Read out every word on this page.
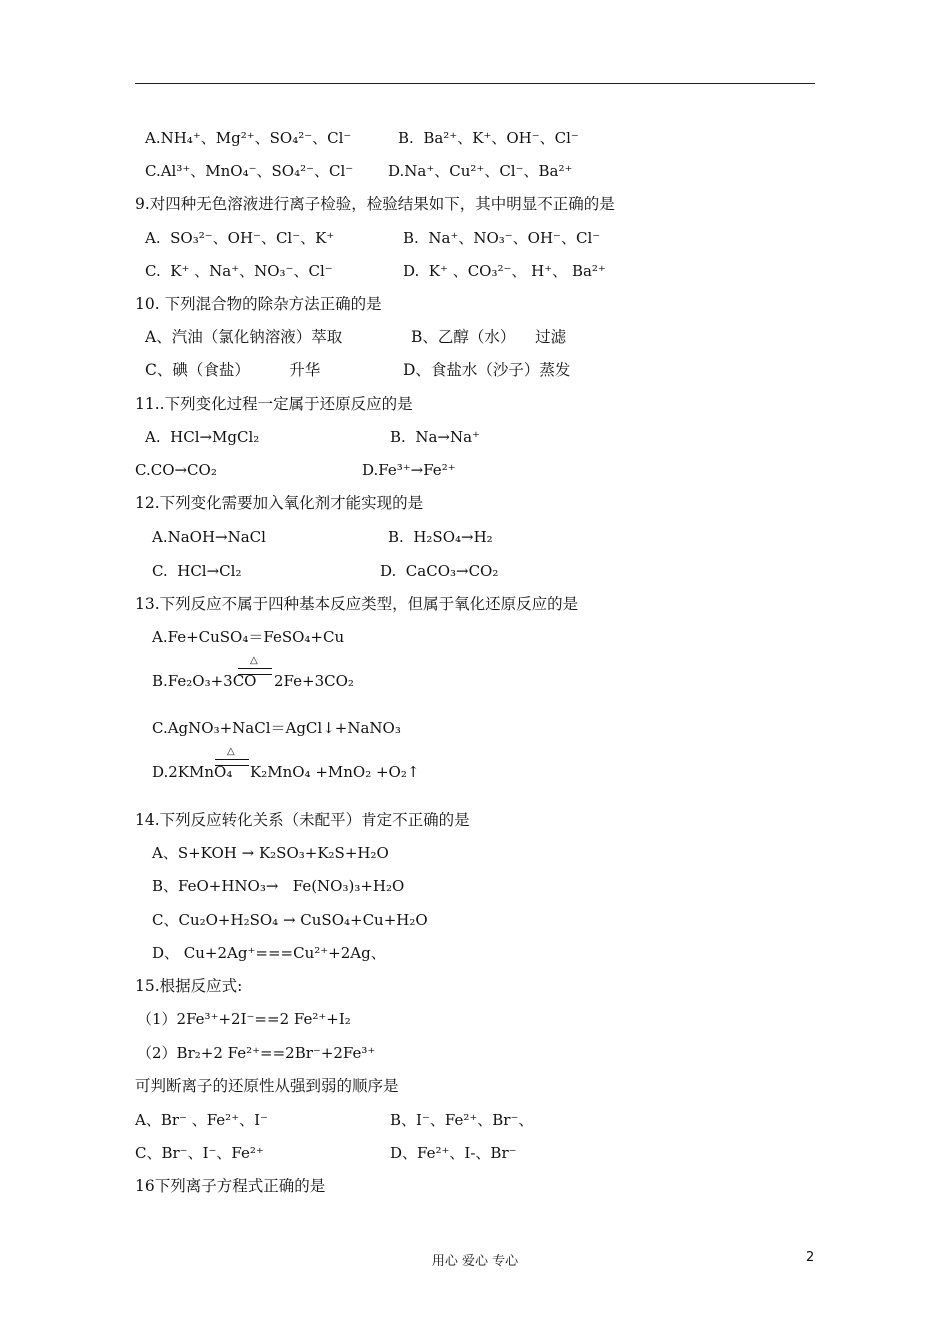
A.NH₄⁺、Mg²⁺、SO₄²⁻、Cl⁻	B.  Ba²⁺、K⁺、OH⁻、Cl⁻
C.Al³⁺、MnO₄⁻、SO₄²⁻、Cl⁻ D.Na⁺、Cu²⁺、Cl⁻、Ba²⁺
9.对四种无色溶液进行离子检验，检验结果如下，其中明显不正确的是
A.  SO₃²⁻、OH⁻、Cl⁻、K⁺	B.  Na⁺、NO₃⁻、OH⁻、Cl⁻
C.  K⁺ 、Na⁺、NO₃⁻、Cl⁻	D.  K⁺ 、CO₃²⁻、 H⁺、 Ba²⁺
10. 下列混合物的除杂方法正确的是
A、汽油（氯化钠溶液）萃取	B、乙醇（水）    过滤
C、碘（食盐）        升华	D、食盐水（沙子）蒸发
11..下列变化过程一定属于还原反应的是
A.  HCl→MgCl₂	B.  Na→Na⁺
C.CO→CO₂	D.Fe³⁺→Fe²⁺
12.下列变化需要加入氧化剂才能实现的是
A.NaOH→NaCl	B.  H₂SO₄→H₂
C.  HCl→Cl₂	D.  CaCO₃→CO₂
13.下列反应不属于四种基本反应类型，但属于氧化还原反应的是
A.Fe+CuSO₄＝FeSO₄+Cu
B.Fe₂O₃+3CO
△
2Fe+3CO₂
C.AgNO₃+NaCl＝AgCl↓+NaNO₃
D.2KMnO₄
△
K₂MnO₄ +MnO₂ +O₂↑
14.下列反应转化关系（未配平）肯定不正确的是
A、S+KOH → K₂SO₃+K₂S+H₂O
B、FeO+HNO₃→   Fe(NO₃)₃+H₂O
C、Cu₂O+H₂SO₄ → CuSO₄+Cu+H₂O
D、 Cu+2Ag⁺===Cu²⁺+2Ag、
15.根据反应式:
（1）2Fe³⁺+2I⁻==2 Fe²⁺+I₂
（2）Br₂+2 Fe²⁺==2Br⁻+2Fe³⁺
可判断离子的还原性从强到弱的顺序是
A、Br⁻ 、Fe²⁺、I⁻	B、I⁻、Fe²⁺、Br⁻、
C、Br⁻、I⁻、Fe²⁺	D、Fe²⁺、I-、Br⁻
16下列离子方程式正确的是
用心 爱心 专心	2
